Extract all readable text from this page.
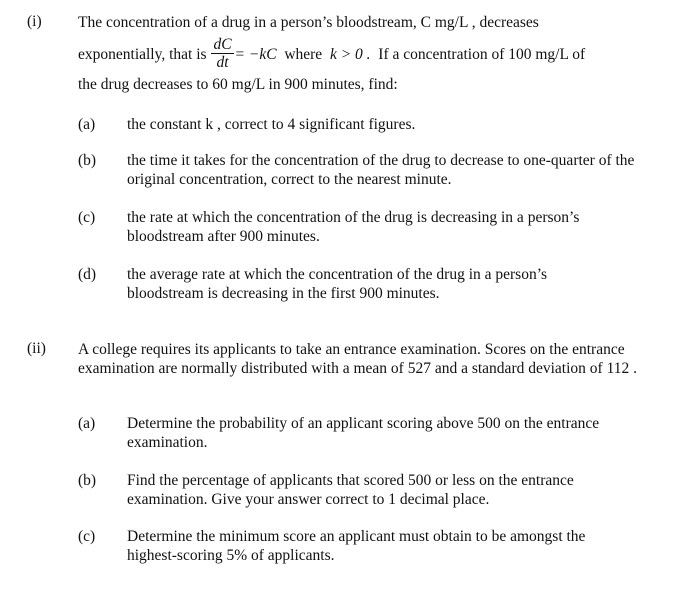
(i) The concentration of a drug in a person’s bloodstream, C mg/L , decreases
exponentially, that is $\frac{dC}{dt} = -kC$ where k > 0 . If a concentration of 100 mg/L of
the drug decreases to 60 mg/L in 900 minutes, find:
(a) the constant k , correct to 4 significant figures.
(b) the time it takes for the concentration of the drug to decrease to one-quarter of the original concentration, correct to the nearest minute.
(c) the rate at which the concentration of the drug is decreasing in a person’s bloodstream after 900 minutes.
(d) the average rate at which the concentration of the drug in a person’s bloodstream is decreasing in the first 900 minutes.
(ii) A college requires its applicants to take an entrance examination. Scores on the entrance examination are normally distributed with a mean of 527 and a standard deviation of 112 .
(a) Determine the probability of an applicant scoring above 500 on the entrance examination.
(b) Find the percentage of applicants that scored 500 or less on the entrance examination. Give your answer correct to 1 decimal place.
(c) Determine the minimum score an applicant must obtain to be amongst the highest-scoring 5% of applicants.
